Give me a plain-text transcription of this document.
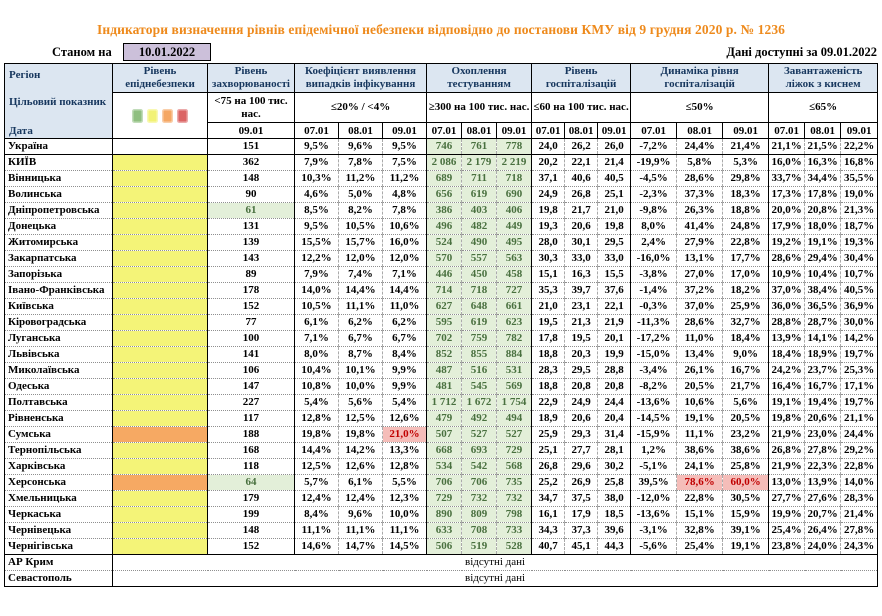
Індикатори визначення рівнів епідемічної небезпеки відповідно до постанови КМУ від 9 грудня 2020 р. № 1236
Станом на	10.01.2022	Дані доступні за 09.01.2022
Регіон
Цільовий показник
Дата	Рівень епіднебезпеки	Рівень захворюваності	Коефіцієнт виявлення випадків інфікування			Охоплення тестуванням			Рівень госпіталізацій			Динаміка рівня госпіталізацій			Завантаженість ліжок з киснем		
		<75 на 100 тис. нас.	≤20% / <4%			≥300 на 100 тис. нас.			≤60 на 100 тис. нас.			≤50%			≤65%		
		09.01	07.01	08.01	09.01	07.01	08.01	09.01	07.01	08.01	09.01	07.01	08.01	09.01	07.01	08.01	09.01
Україна		151	9,5%	9,6%	9,5%	746	761	778	24,0	26,2	26,0	-7,2%	24,4%	21,4%	21,1%	21,5%	22,2%
КИЇВ		362	7,9%	7,8%	7,5%	2 086	2 179	2 219	20,2	22,1	21,4	-19,9%	5,8%	5,3%	16,0%	16,3%	16,8%
Вінницька		148	10,3%	11,2%	11,2%	689	711	718	37,1	40,6	40,5	-4,5%	28,6%	29,8%	33,7%	34,4%	35,5%
Волинська		90	4,6%	5,0%	4,8%	656	619	690	24,9	26,8	25,1	-2,3%	37,3%	18,3%	17,3%	17,8%	19,0%
Дніпропетровська		61	8,5%	8,2%	7,8%	386	403	406	19,8	21,7	21,0	-9,8%	26,3%	18,8%	20,0%	20,8%	21,3%
Донецька		131	9,5%	10,5%	10,6%	496	482	449	19,3	20,6	19,8	8,0%	41,4%	24,8%	17,9%	18,0%	18,7%
Житомирська		139	15,5%	15,7%	16,0%	524	490	495	28,0	30,1	29,5	2,4%	27,9%	22,8%	19,2%	19,1%	19,3%
Закарпатська		143	12,2%	12,0%	12,0%	570	557	563	30,3	33,0	33,0	-16,0%	13,1%	17,7%	28,6%	29,4%	30,4%
Запорізька		89	7,9%	7,4%	7,1%	446	450	458	15,1	16,3	15,5	-3,8%	27,0%	17,0%	10,9%	10,4%	10,7%
Івано-Франківська		178	14,0%	14,4%	14,4%	714	718	727	35,3	39,7	37,6	-1,4%	37,2%	18,2%	37,0%	38,4%	40,5%
Київська		152	10,5%	11,1%	11,0%	627	648	661	21,0	23,1	22,1	-0,3%	37,0%	25,9%	36,0%	36,5%	36,9%
Кіровоградська		77	6,1%	6,2%	6,2%	595	619	623	19,5	21,3	21,9	-11,3%	28,6%	32,7%	28,8%	28,7%	30,0%
Луганська		100	7,1%	6,7%	6,7%	702	759	782	17,8	19,5	20,1	-17,2%	11,0%	18,4%	13,9%	14,1%	14,2%
Львівська		141	8,0%	8,7%	8,4%	852	855	884	18,8	20,3	19,9	-15,0%	13,4%	9,0%	18,4%	18,9%	19,7%
Миколаївська		106	10,4%	10,1%	9,9%	487	516	531	28,3	29,5	28,8	-3,4%	26,1%	16,7%	24,2%	23,7%	25,3%
Одеська		147	10,8%	10,0%	9,9%	481	545	569	18,8	20,8	20,8	-8,2%	20,5%	21,7%	16,4%	16,7%	17,1%
Полтавська		227	5,4%	5,6%	5,4%	1 712	1 672	1 754	22,9	24,9	24,4	-13,6%	10,6%	5,6%	19,1%	19,4%	19,7%
Рівненська		117	12,8%	12,5%	12,6%	479	492	494	18,9	20,6	20,4	-14,5%	19,1%	20,5%	19,8%	20,6%	21,1%
Сумська		188	19,8%	19,8%	21,0%	507	527	527	25,9	29,3	31,4	-15,9%	11,1%	23,2%	21,9%	23,0%	24,4%
Тернопільська		168	14,4%	14,2%	13,3%	668	693	729	25,1	27,7	28,1	1,2%	38,6%	38,6%	26,8%	27,8%	29,2%
Харківська		118	12,5%	12,6%	12,8%	534	542	568	26,8	29,6	30,2	-5,1%	24,1%	25,8%	21,9%	22,3%	22,8%
Херсонська		64	5,7%	6,1%	5,5%	706	706	735	25,2	26,9	25,8	39,5%	78,6%	60,0%	13,0%	13,9%	14,0%
Хмельницька		179	12,4%	12,4%	12,3%	729	732	732	34,7	37,5	38,0	-12,0%	22,8%	30,5%	27,7%	27,6%	28,3%
Черкаська		199	8,4%	9,6%	10,0%	890	809	798	16,1	17,9	18,5	-13,6%	15,1%	15,9%	19,9%	20,7%	21,4%
Чернівецька		148	11,1%	11,1%	11,1%	633	708	733	34,3	37,3	39,6	-3,1%	32,8%	39,1%	25,4%	26,4%	27,8%
Чернігівська		152	14,6%	14,7%	14,5%	506	519	528	40,7	45,1	44,3	-5,6%	25,4%	19,1%	23,8%	24,0%	24,3%
АР Крим	відсутні дані																
Севастополь	відсутні дані																
